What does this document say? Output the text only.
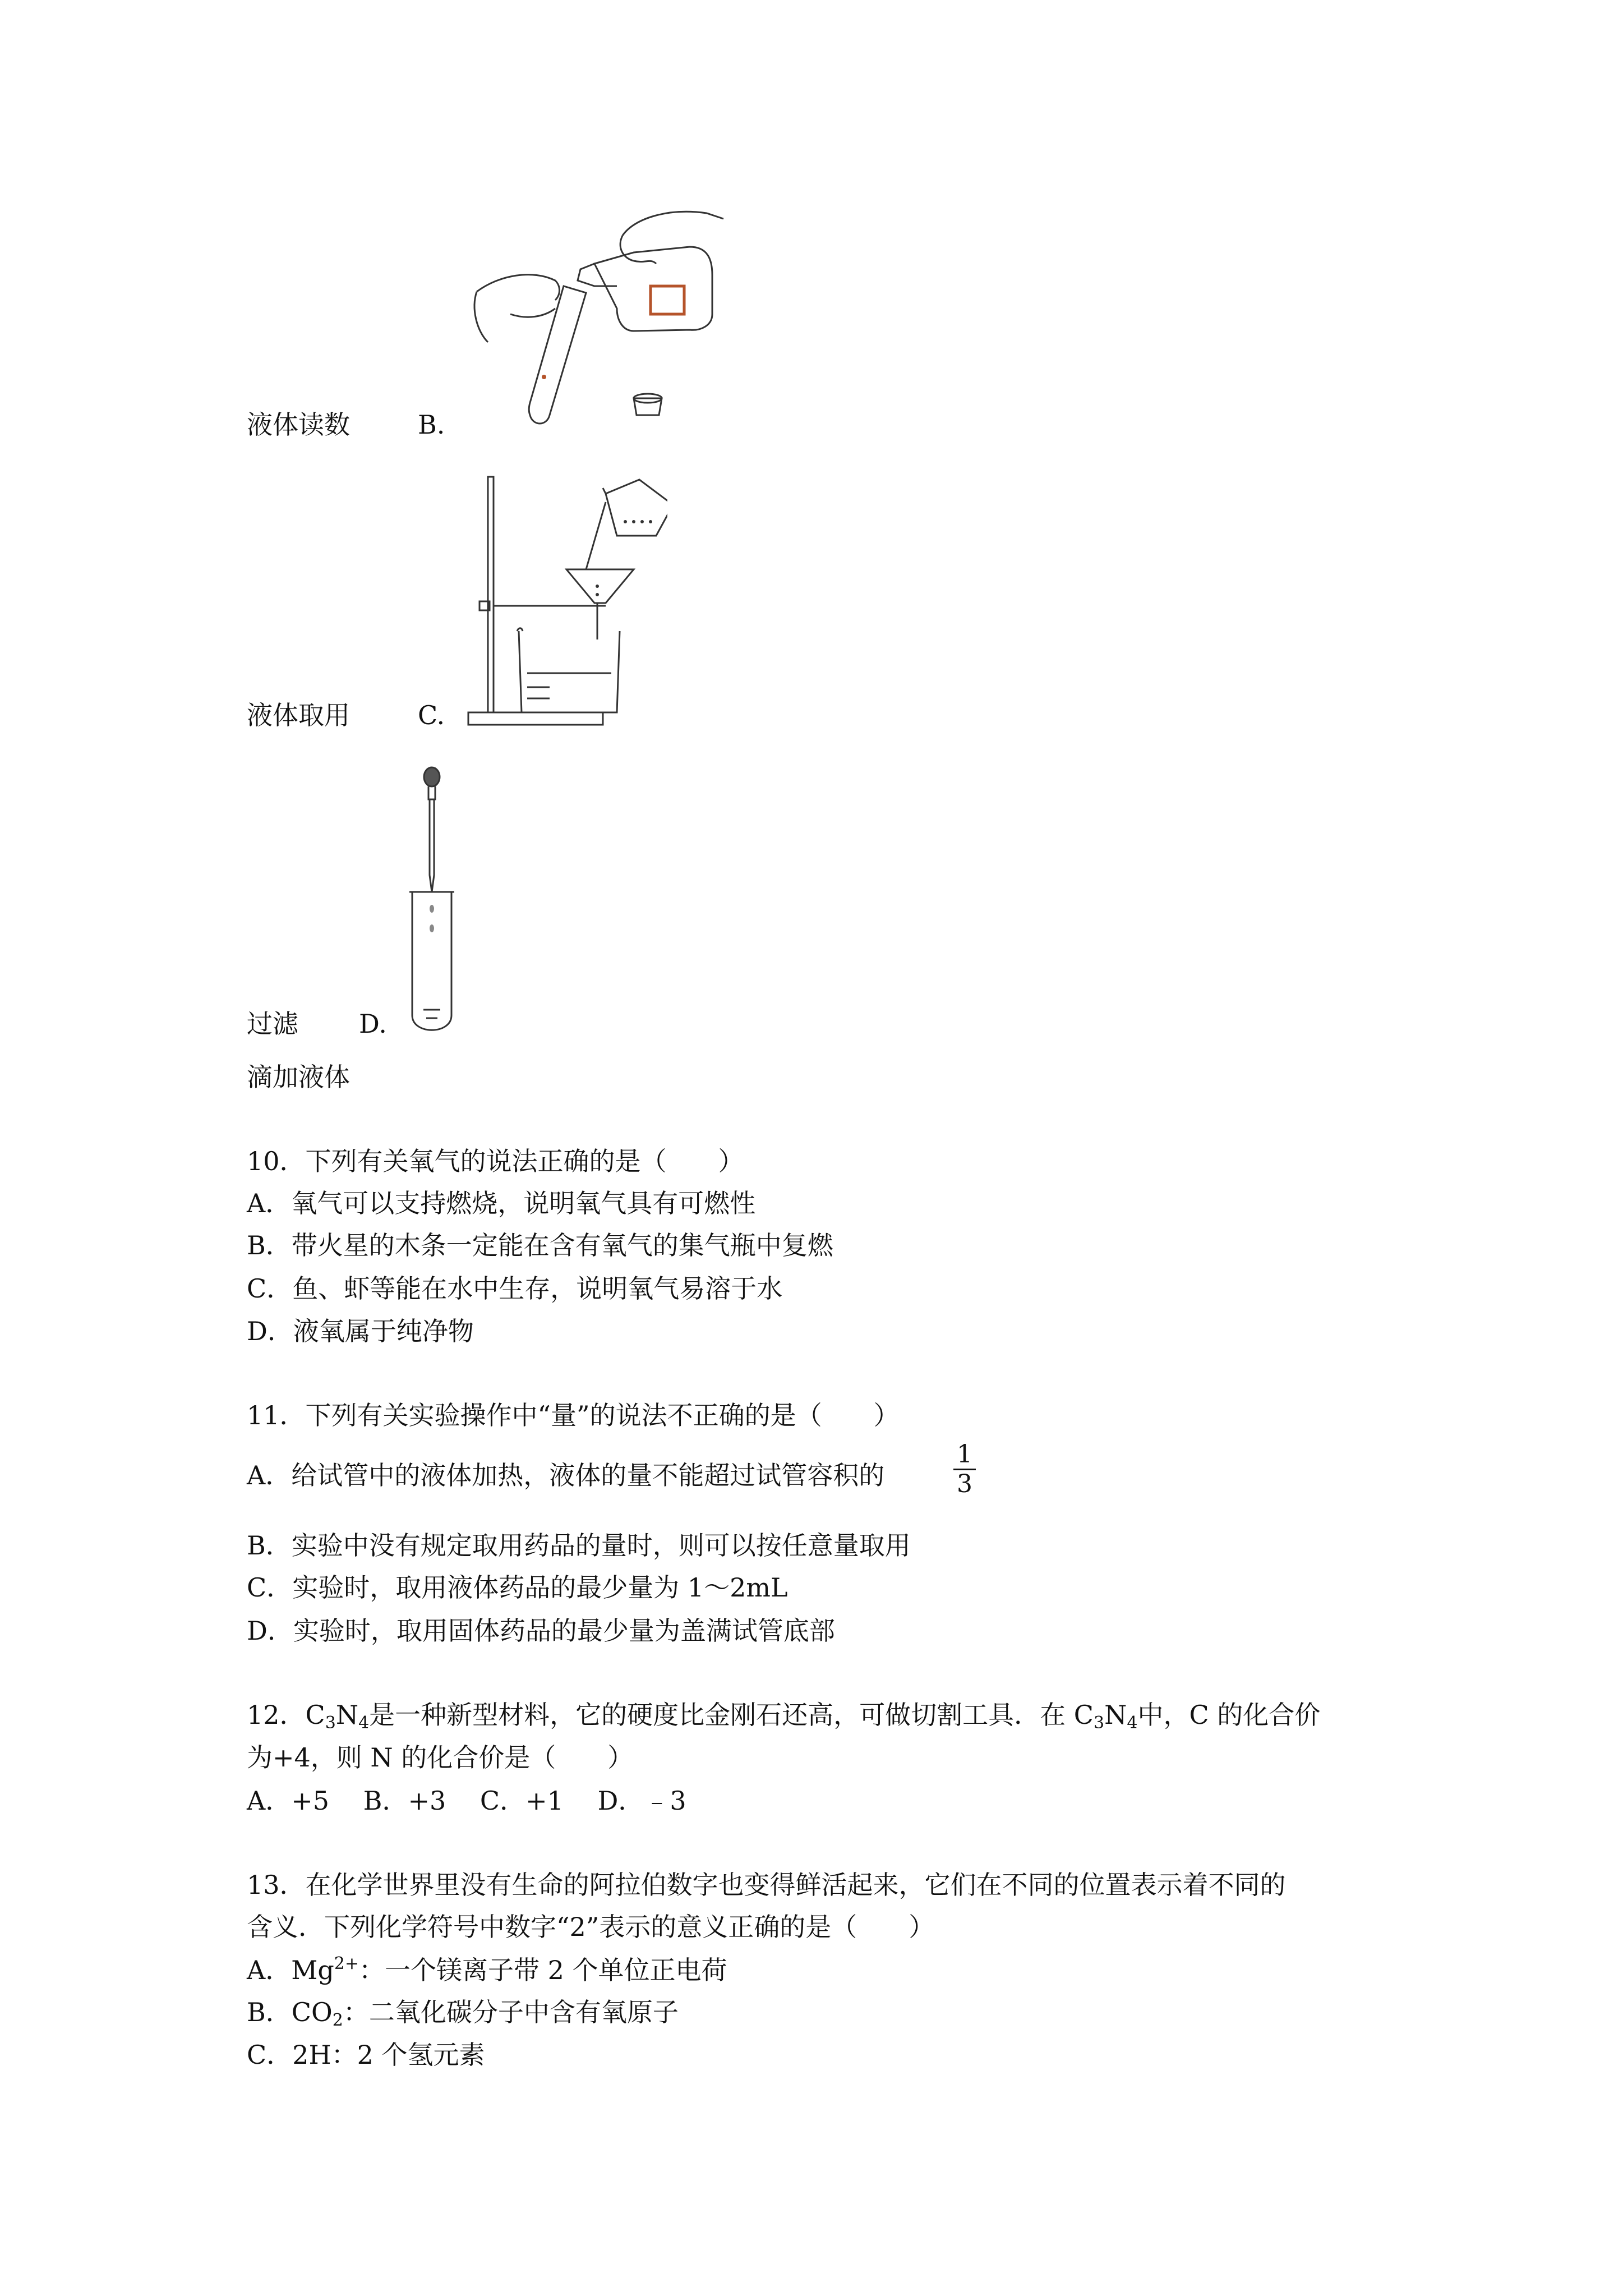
液体读数	B.
液体取用	C.
过滤 D.
滴加液体
10．下列有关氧气的说法正确的是（　　）
A．氧气可以支持燃烧，说明氧气具有可燃性
B．带火星的木条一定能在含有氧气的集气瓶中复燃
C．鱼、虾等能在水中生存，说明氧气易溶于水
D．液氧属于纯净物
11．下列有关实验操作中“量”的说法不正确的是（　　）
A．给试管中的液体加热，液体的量不能超过试管容积的
1
3
B．实验中没有规定取用药品的量时，则可以按任意量取用
C．实验时，取用液体药品的最少量为 1～2mL
D．实验时，取用固体药品的最少量为盖满试管底部
12．$C_3N_4$是一种新型材料，它的硬度比金刚石还高，可做切割工具．在 $C_3N_4$中，C 的化合价
为+4，则 N 的化合价是（　　）
A．+5　 B．+3　 C．+1　 D．﹣3
13．在化学世界里没有生命的阿拉伯数字也变得鲜活起来，它们在不同的位置表示着不同的
含义．下列化学符号中数字“2”表示的意义正确的是（　　）
A．$Mg^{2+}$：一个镁离子带 2 个单位正电荷
B．$CO_2$：二氧化碳分子中含有氧原子
C．2H：2 个氢元素
